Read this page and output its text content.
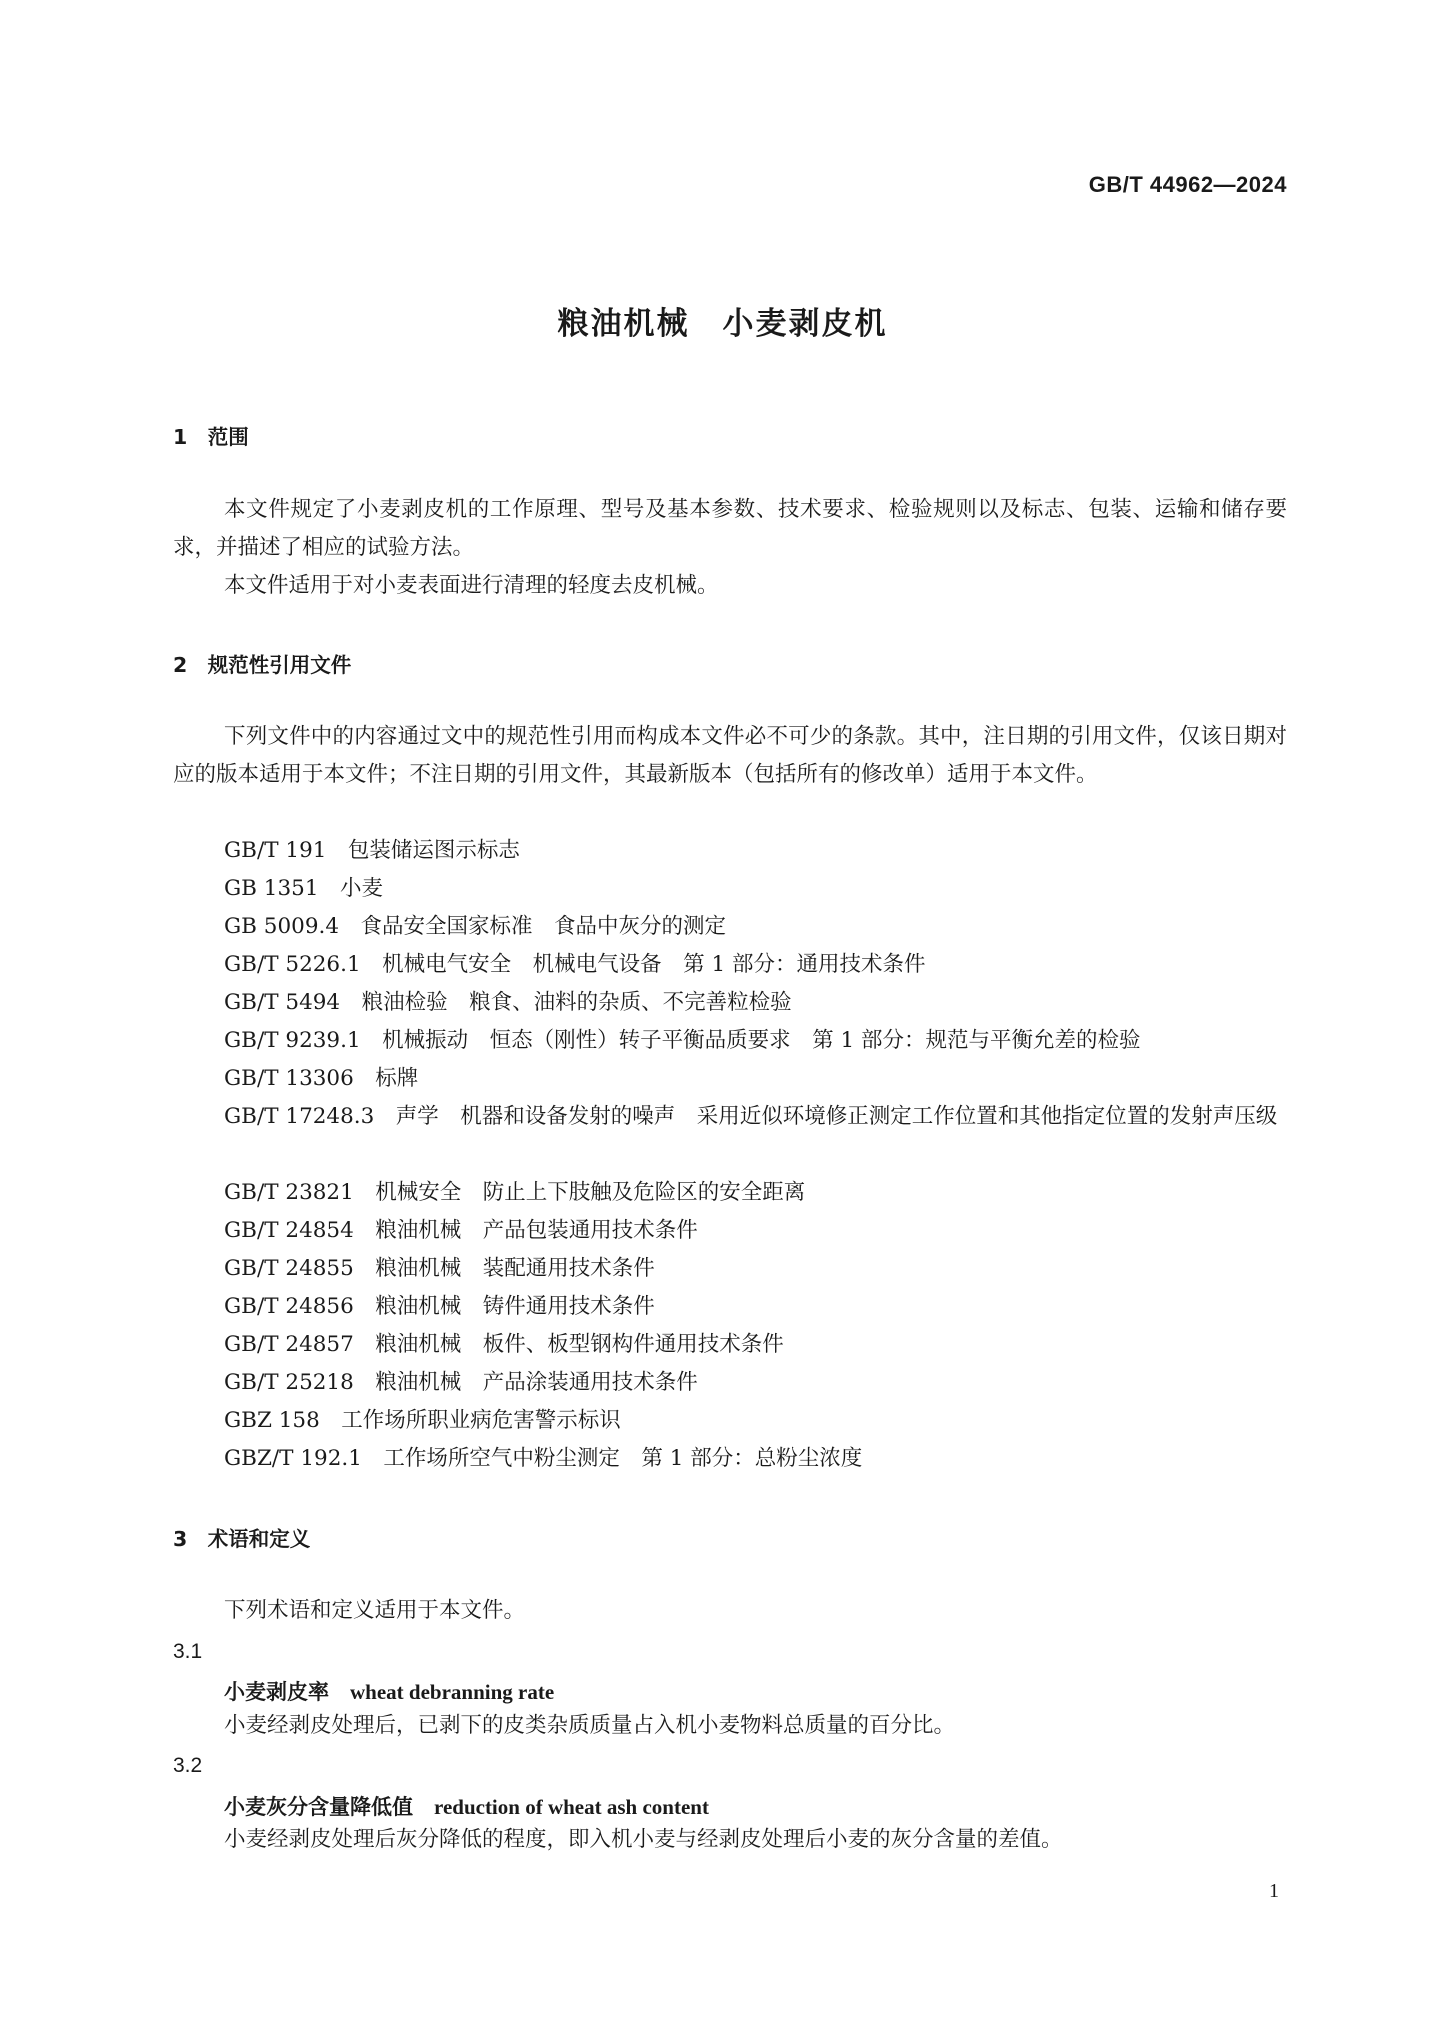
GB/T 44962—2024
粮油机械　小麦剥皮机
1　范围
本文件规定了小麦剥皮机的工作原理、型号及基本参数、技术要求、检验规则以及标志、包装、运输和储存要求，并描述了相应的试验方法。
本文件适用于对小麦表面进行清理的轻度去皮机械。
2　规范性引用文件
下列文件中的内容通过文中的规范性引用而构成本文件必不可少的条款。其中，注日期的引用文件，仅该日期对应的版本适用于本文件；不注日期的引用文件，其最新版本（包括所有的修改单）适用于本文件。
GB/T 191　包装储运图示标志
GB 1351　小麦
GB 5009.4　食品安全国家标准　食品中灰分的测定
GB/T 5226.1　机械电气安全　机械电气设备　第 1 部分：通用技术条件
GB/T 5494　粮油检验　粮食、油料的杂质、不完善粒检验
GB/T 9239.1　机械振动　恒态（刚性）转子平衡品质要求　第 1 部分：规范与平衡允差的检验
GB/T 13306　标牌
GB/T 17248.3　声学　机器和设备发射的噪声　采用近似环境修正测定工作位置和其他指定位置的发射声压级
GB/T 23821　机械安全　防止上下肢触及危险区的安全距离
GB/T 24854　粮油机械　产品包装通用技术条件
GB/T 24855　粮油机械　装配通用技术条件
GB/T 24856　粮油机械　铸件通用技术条件
GB/T 24857　粮油机械　板件、板型钢构件通用技术条件
GB/T 25218　粮油机械　产品涂装通用技术条件
GBZ 158　工作场所职业病危害警示标识
GBZ/T 192.1　工作场所空气中粉尘测定　第 1 部分：总粉尘浓度
3　术语和定义
下列术语和定义适用于本文件。
3.1
小麦剥皮率　 wheat debranning rate
小麦经剥皮处理后，已剥下的皮类杂质质量占入机小麦物料总质量的百分比。
3.2
小麦灰分含量降低值　 reduction of wheat ash content
小麦经剥皮处理后灰分降低的程度，即入机小麦与经剥皮处理后小麦的灰分含量的差值。
1
